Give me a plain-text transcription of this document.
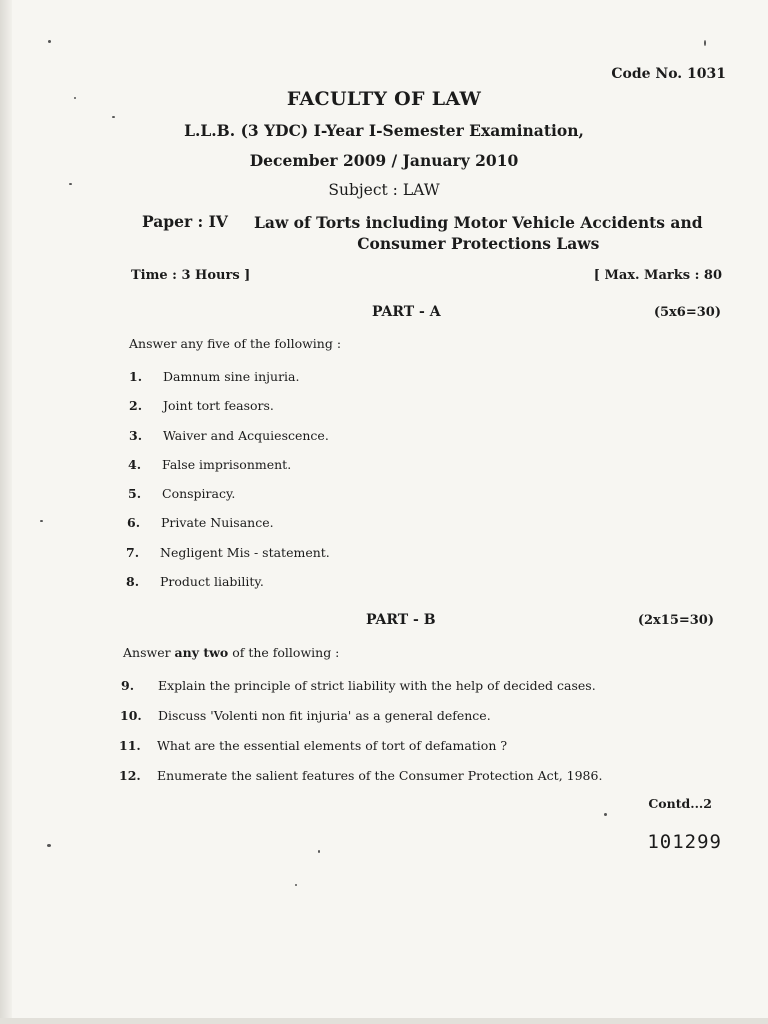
Code No. 1031
FACULTY OF LAW
L.L.B. (3 YDC) I-Year I-Semester Examination,
December 2009 / January 2010
Subject : LAW
Paper : IV Law of Torts including Motor Vehicle Accidents and
Consumer Protections Laws
Time : 3 Hours ]	[ Max. Marks : 80
PART - A	(5x6=30)
Answer any five of the following :
1. Damnum sine injuria.
2. Joint tort feasors.
3. Waiver and Acquiescence.
4. False imprisonment.
5. Conspiracy.
6. Private Nuisance.
7. Negligent Mis - statement.
8. Product liability.
PART - B	(2x15=30)
Answer any two of the following :
9. Explain the principle of strict liability with the help of decided cases.
10. Discuss 'Volenti non fit injuria' as a general defence.
11. What are the essential elements of tort of defamation ?
12. Enumerate the salient features of the Consumer Protection Act, 1986.
Contd...2
101299
